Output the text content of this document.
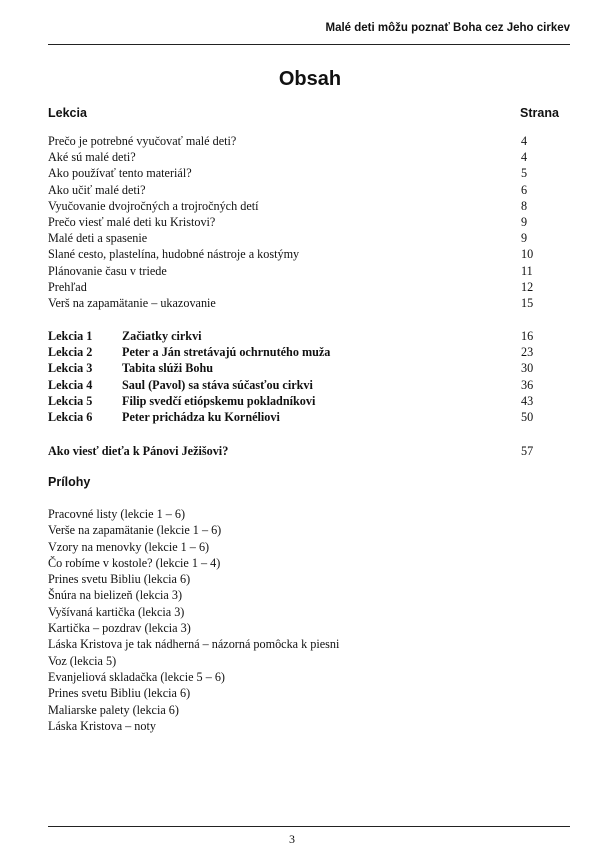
Malé deti môžu poznať Boha cez Jeho cirkev
Obsah
Lekcia	Strana
Prečo je potrebné vyučovať malé deti?	4
Aké sú malé deti?	4
Ako používať tento materiál?	5
Ako učiť malé deti?	6
Vyučovanie dvojročných a trojročných detí	8
Prečo viesť malé deti ku Kristovi?	9
Malé deti a spasenie	9
Slané cesto, plastelína, hudobné nástroje a kostýmy	10
Plánovanie času v triede	11
Prehľad	12
Verš na zapamätanie – ukazovanie	15
Lekcia 1 Začiatky cirkvi	16
Lekcia 2 Peter a Ján stretávajú ochrnutého muža	23
Lekcia 3 Tabita slúži Bohu	30
Lekcia 4 Saul (Pavol) sa stáva súčasťou cirkvi	36
Lekcia 5 Filip svedčí etiópskemu pokladníkovi	43
Lekcia 6 Peter prichádza ku Kornéliovi	50
Ako viesť dieťa k Pánovi Ježišovi?	57
Prílohy
Pracovné listy (lekcie 1 – 6)
Verše na zapamätanie (lekcie 1 – 6)
Vzory na menovky (lekcie 1 – 6)
Čo robíme v kostole? (lekcie 1 – 4)
Prines svetu Bibliu (lekcia 6)
Šnúra na bielizeň (lekcia 3)
Vyšívaná kartička (lekcia 3)
Kartička – pozdrav (lekcia 3)
Láska Kristova je tak nádherná – názorná pomôcka k piesni
Voz (lekcia 5)
Evanjeliová skladačka (lekcie 5 – 6)
Prines svetu Bibliu (lekcia 6)
Maliarske palety (lekcia 6)
Láska Kristova – noty
3
